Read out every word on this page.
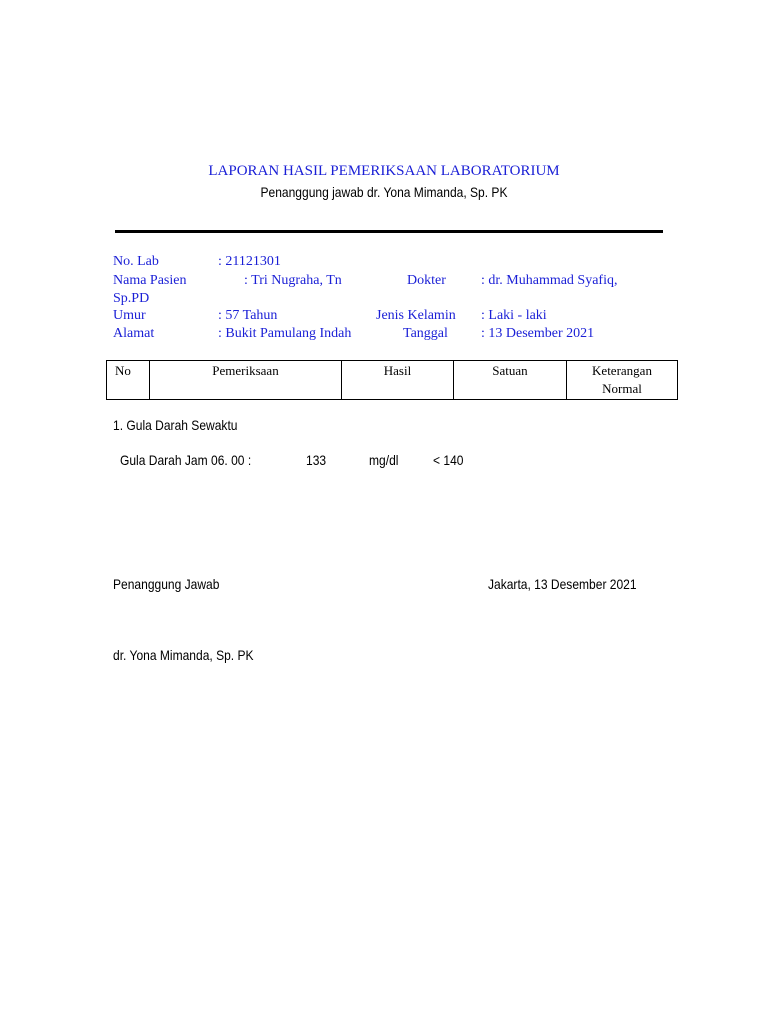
LAPORAN HASIL PEMERIKSAAN LABORATORIUM
Penanggung jawab dr. Yona Mimanda, Sp. PK
No. Lab	: 21121301
Nama Pasien	: Tri Nugraha, Tn	Dokter	: dr. Muhammad Syafiq,
Sp.PD
Umur	: 57 Tahun	Jenis Kelamin : Laki - laki
Alamat	: Bukit Pamulang Indah	Tanggal : 13 Desember 2021
No	Pemeriksaan	Hasil	Satuan	Keterangan
Normal
1. Gula Darah Sewaktu
Gula Darah Jam 06. 00 :	133	mg/dl < 140
Penanggung Jawab	Jakarta, 13 Desember 2021
dr. Yona Mimanda, Sp. PK
